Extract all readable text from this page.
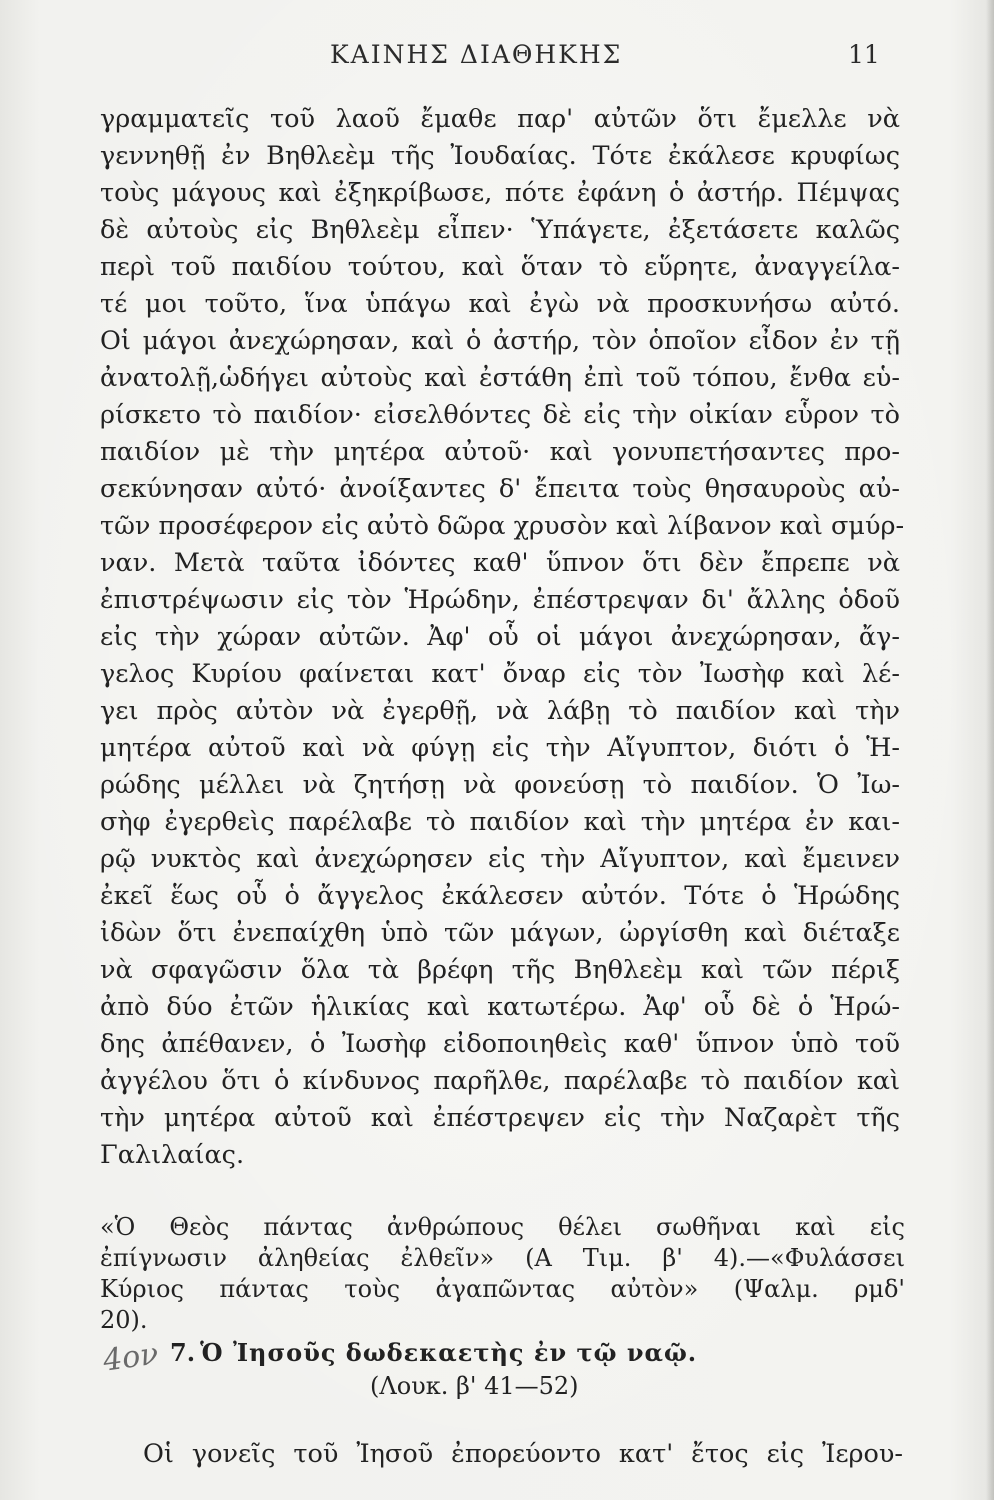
ΚΑΙΝΗΣ ΔΙΑΘΗΚΗΣ	11
γραμματεῖς τοῦ λαοῦ ἔμαθε παρ' αὐτῶν ὅτι ἔμελλε νὰ
γεννηθῇ ἐν Βηθλεὲμ τῆς Ἰουδαίας. Τότε ἐκάλεσε κρυφίως
τοὺς μάγους καὶ ἐξηκρίβωσε, πότε ἐφάνη ὁ ἀστήρ. Πέμψας
δὲ αὐτοὺς εἰς Βηθλεὲμ εἶπεν· Ὑπάγετε, ἐξετάσετε καλῶς
περὶ τοῦ παιδίου τούτου, καὶ ὅταν τὸ εὕρητε, ἀναγγείλα-
τέ μοι τοῦτο, ἵνα ὑπάγω καὶ ἐγὼ νὰ προσκυνήσω αὐτό.
Οἱ μάγοι ἀνεχώρησαν, καὶ ὁ ἀστήρ, τὸν ὁποῖον εἶδον ἐν τῇ
ἀνατολῇ,ὡδήγει αὐτοὺς καὶ ἐστάθη ἐπὶ τοῦ τόπου, ἔνθα εὑ-
ρίσκετο τὸ παιδίον· εἰσελθόντες δὲ εἰς τὴν οἰκίαν εὗρον τὸ
παιδίον μὲ τὴν μητέρα αὐτοῦ· καὶ γονυπετήσαντες προ-
σεκύνησαν αὐτό· ἀνοίξαντες δ' ἔπειτα τοὺς θησαυροὺς αὐ-
τῶν προσέφερον εἰς αὐτὸ δῶρα χρυσὸν καὶ λίβανον καὶ σμύρ-
ναν. Μετὰ ταῦτα ἰδόντες καθ' ὕπνον ὅτι δὲν ἔπρεπε νὰ
ἐπιστρέψωσιν εἰς τὸν Ἡρώδην, ἐπέστρεψαν δι' ἄλλης ὁδοῦ
εἰς τὴν χώραν αὐτῶν. Ἀφ' οὗ οἱ μάγοι ἀνεχώρησαν, ἄγ-
γελος Κυρίου φαίνεται κατ' ὄναρ εἰς τὸν Ἰωσὴφ καὶ λέ-
γει πρὸς αὐτὸν νὰ ἐγερθῇ, νὰ λάβῃ τὸ παιδίον καὶ τὴν
μητέρα αὐτοῦ καὶ νὰ φύγῃ εἰς τὴν Αἴγυπτον, διότι ὁ Ἡ-
ρώδης μέλλει νὰ ζητήσῃ νὰ φονεύσῃ τὸ παιδίον. Ὁ Ἰω-
σὴφ ἐγερθεὶς παρέλαβε τὸ παιδίον καὶ τὴν μητέρα ἐν και-
ρῷ νυκτὸς καὶ ἀνεχώρησεν εἰς τὴν Αἴγυπτον, καὶ ἔμεινεν
ἐκεῖ ἕως οὗ ὁ ἄγγελος ἐκάλεσεν αὐτόν. Τότε ὁ Ἡρώδης
ἰδὼν ὅτι ἐνεπαίχθη ὑπὸ τῶν μάγων, ὠργίσθη καὶ διέταξε
νὰ σφαγῶσιν ὅλα τὰ βρέφη τῆς Βηθλεὲμ καὶ τῶν πέριξ
ἀπὸ δύο ἐτῶν ἡλικίας καὶ κατωτέρω. Ἀφ' οὗ δὲ ὁ Ἡρώ-
δης ἀπέθανεν, ὁ Ἰωσὴφ εἰδοποιηθεὶς καθ' ὕπνον ὑπὸ τοῦ
ἀγγέλου ὅτι ὁ κίνδυνος παρῆλθε, παρέλαβε τὸ παιδίον καὶ
τὴν μητέρα αὐτοῦ καὶ ἐπέστρεψεν εἰς τὴν Ναζαρὲτ τῆς
Γαλιλαίας.
«Ὁ Θεὸς πάντας ἀνθρώπους θέλει σωθῆναι καὶ εἰς
ἐπίγνωσιν ἀληθείας ἐλθεῖν» (Α Τιμ. β' 4).—«Φυλάσσει
Κύριος πάντας τοὺς ἀγαπῶντας αὐτὸν» (Ψαλμ. ρμδ'
20).
4ον 7. Ὁ Ἰησοῦς δωδεκαετὴς ἐν τῷ ναῷ.
(Λουκ. β' 41—52)
Οἱ γονεῖς τοῦ Ἰησοῦ ἐπορεύοντο κατ' ἔτος εἰς Ἰερου-
